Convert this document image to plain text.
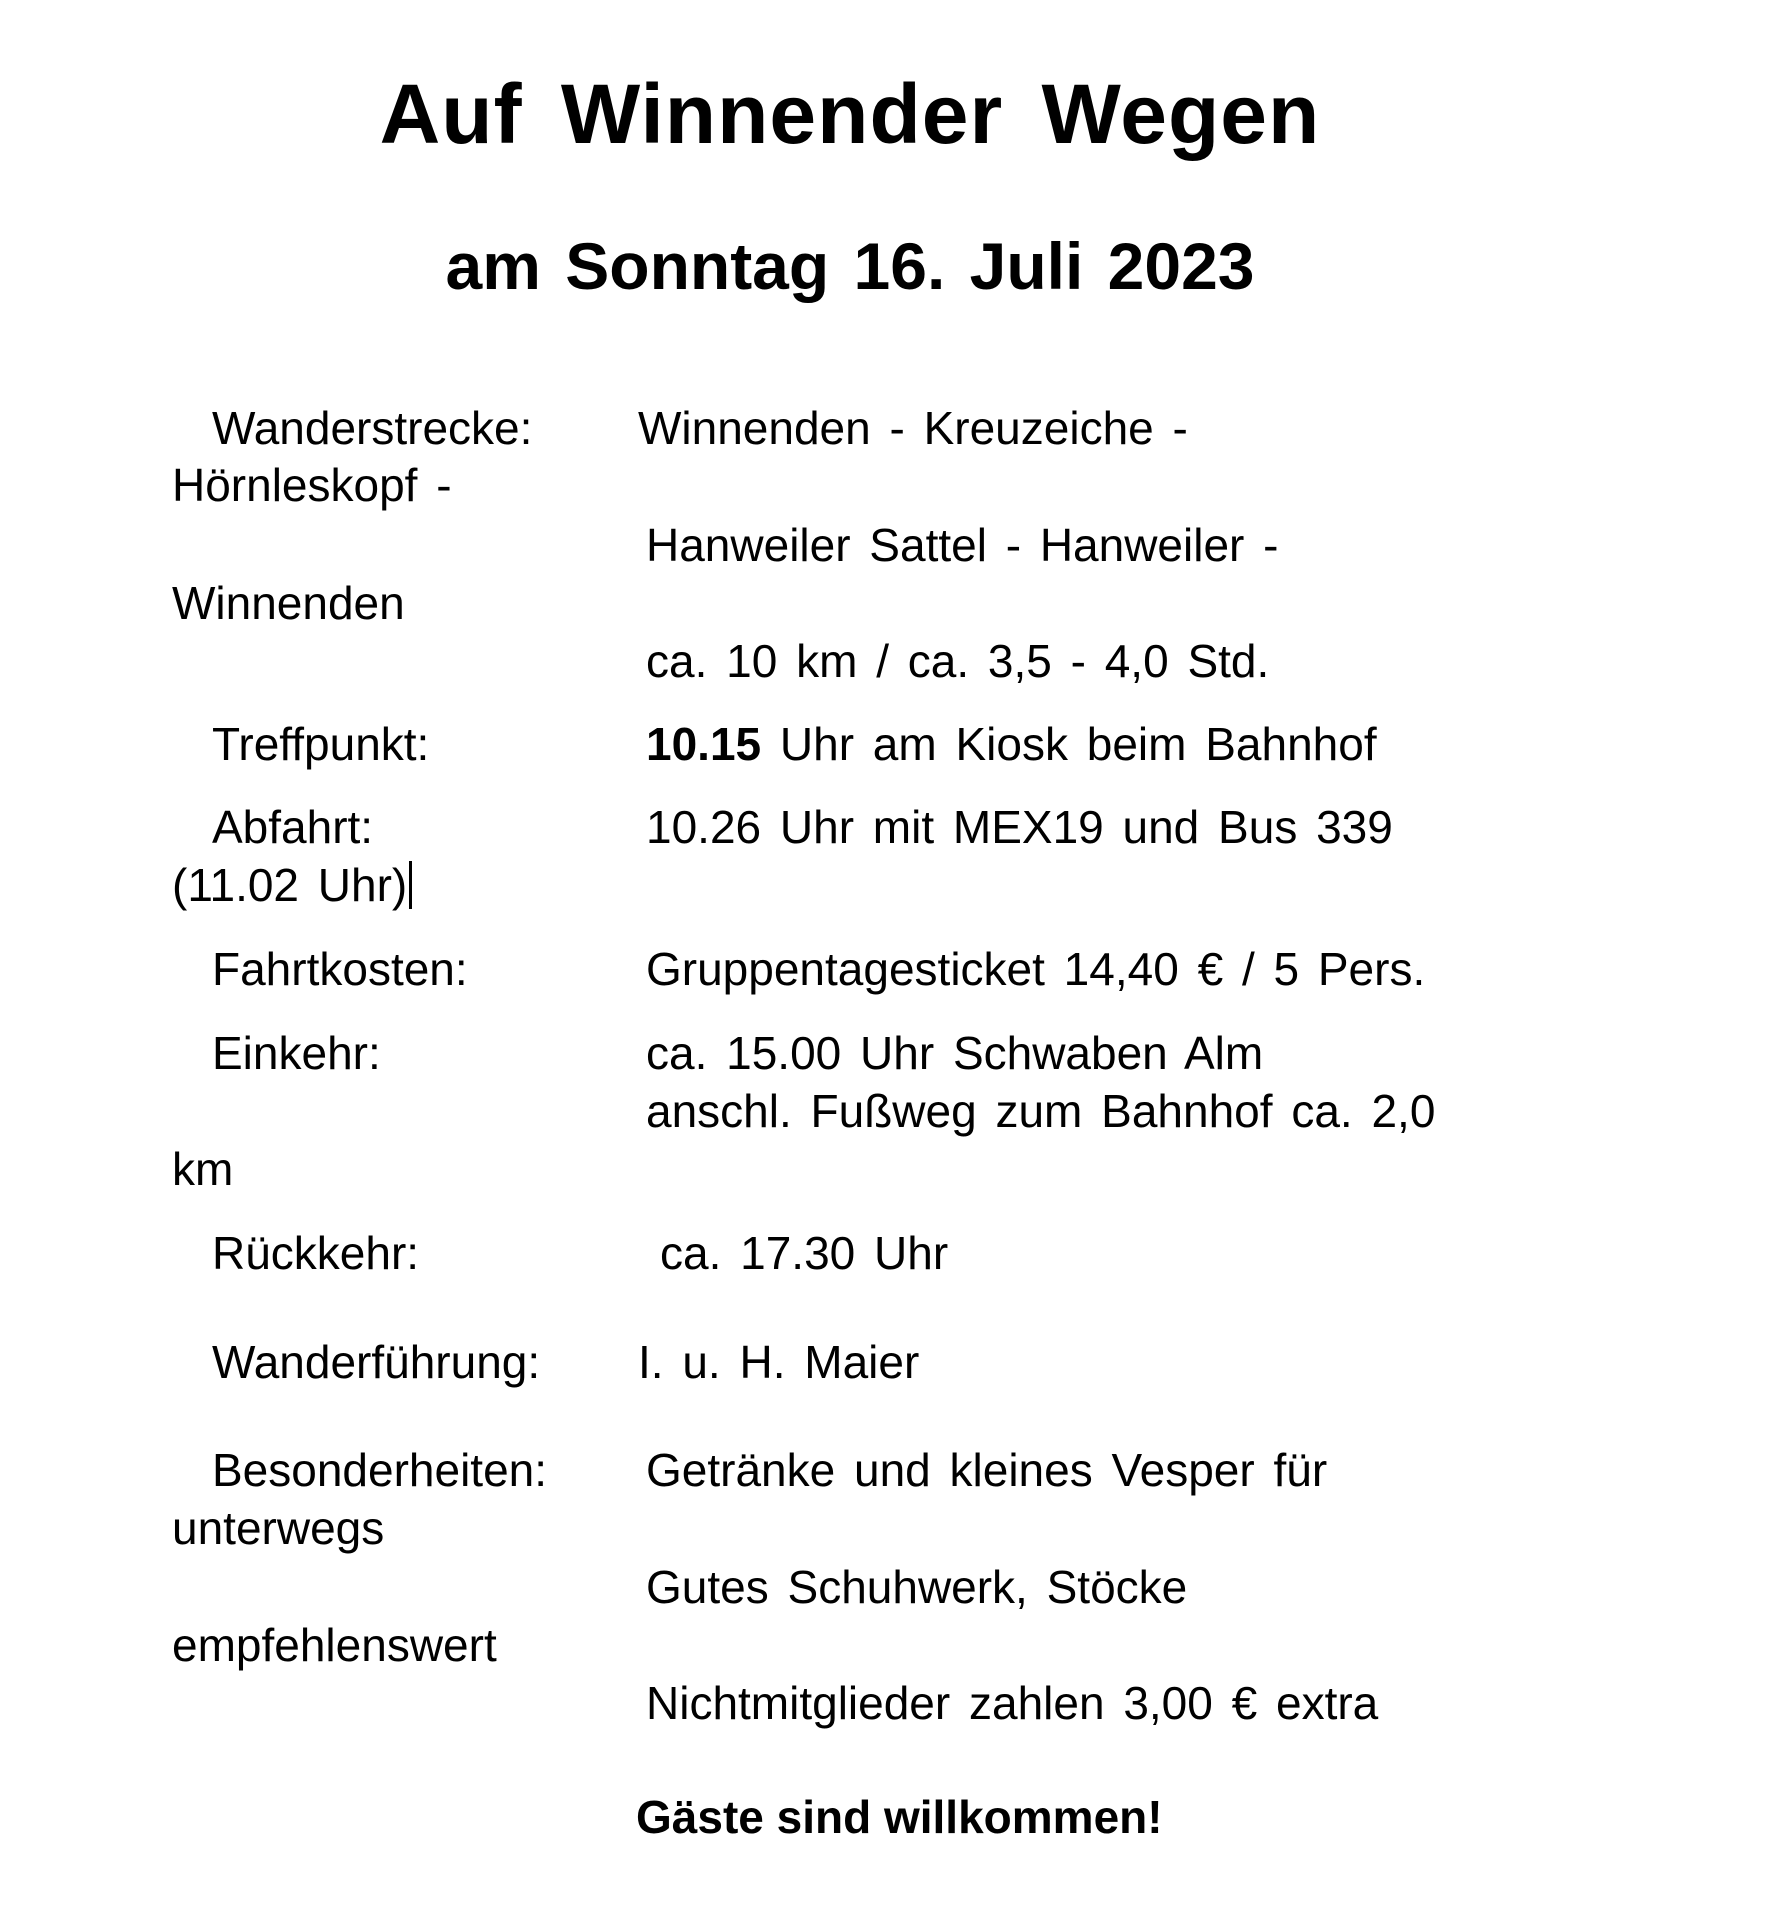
Auf Winnender Wegen
am Sonntag 16. Juli 2023
Wanderstrecke: Winnenden - Kreuzeiche -
Hörnleskopf -
Hanweiler Sattel - Hanweiler -
Winnenden
ca. 10 km / ca. 3,5 - 4,0 Std.
Treffpunkt:	10.15 Uhr am Kiosk beim Bahnhof
Abfahrt:	10.26 Uhr mit MEX19 und Bus 339
(11.02 Uhr)
Fahrtkosten:	Gruppentagesticket 14,40 € / 5 Pers.
Einkehr:	ca. 15.00 Uhr Schwaben Alm
anschl. Fußweg zum Bahnhof ca. 2,0
km
Rückkehr:	ca. 17.30 Uhr
Wanderführung: I. u. H. Maier
Besonderheiten: Getränke und kleines Vesper für
unterwegs
Gutes Schuhwerk, Stöcke
empfehlenswert
Nichtmitglieder zahlen 3,00 € extra
Gäste sind willkommen!
